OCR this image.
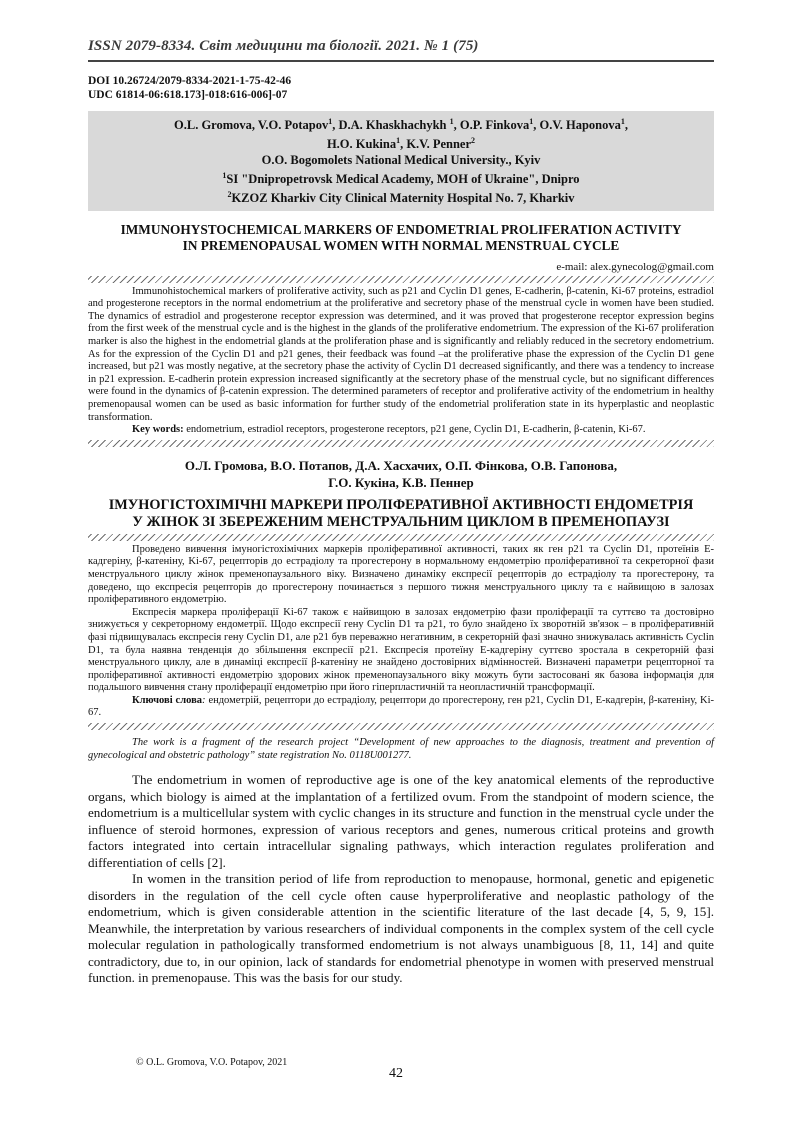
ISSN 2079-8334. Світ медицини та біології. 2021. № 1 (75)
DOI 10.26724/2079-8334-2021-1-75-42-46
UDC 61814-06:618.173]-018:616-006]-07
O.L. Gromova, V.O. Potapov$^1$, D.A. Khaskhachykh $^1$, O.P. Finkova$^1$, O.V. Haponova$^1$,
H.O. Kukina$^1$, K.V. Penner$^2$
O.O. Bogomolets National Medical University., Kyiv
$^1$SI "Dnipropetrovsk Medical Academy, MOH of Ukraine", Dnipro
$^2$KZOZ Kharkiv City Clinical Maternity Hospital No. 7, Kharkiv
IMMUNOHYSTOCHEMICAL MARKERS OF ENDOMETRIAL PROLIFERATION ACTIVITY
IN PREMENOPAUSAL WOMEN WITH NORMAL MENSTRUAL CYCLE
e-mail: alex.gynecolog@gmail.com

Immunohistochemical markers of proliferative activity, such as p21 and Cyclin D1 genes, E-cadherin, β-catenin, Ki-67 proteins, estradiol and progesterone receptors in the normal endometrium at the proliferative and secretory phase of the menstrual cycle in women have been studied. The dynamics of estradiol and progesterone receptor expression was determined, and it was proved that progesterone receptor expression begins from the first week of the menstrual cycle and is the highest in the glands of the proliferative endometrium. The expression of the Ki-67 proliferation marker is also the highest in the endometrial glands at the proliferation phase and is significantly and reliably reduced in the secretory endometrium. As for the expression of the Cyclin D1 and p21 genes, their feedback was found –at the proliferative phase the expression of the Cyclin D1 gene increased, but p21 was mostly negative, at the secretory phase the activity of Cyclin D1 decreased significantly, and there was a tendency to increase in p21 expression. E-cadherin protein expression increased significantly at the secretory phase of the menstrual cycle, but no significant differences were found in the dynamics of β-catenin expression. The determined parameters of receptor and proliferative activity of the endometrium in healthy premenopausal women can be used as basic information for further study of the endometrial proliferation state in its hyperplastic and neoplastic transformation.

Key words: endometrium, estradiol receptors, progesterone receptors, p21 gene, Cyclin D1, E-cadherin, β-catenin, Ki-67.

О.Л. Громова, В.О. Потапов, Д.А. Хасхачих, О.П. Фінкова, О.В. Гапонова,
Г.О. Кукіна, К.В. Пеннер
ІМУНОГІСТОХІМІЧНІ МАРКЕРИ ПРОЛІФЕРАТИВНОЇ АКТИВНОСТІ ЕНДОМЕТРІЯ
У ЖІНОК ЗІ ЗБЕРЕЖЕНИМ МЕНСТРУАЛЬНИМ ЦИКЛОМ В ПРЕМЕНОПАУЗІ

Проведено вивчення імуногістохімічних маркерів проліферативної активності, таких як ген p21 та Cyclin D1, протеїнів Е-кадгеріну, β-катеніну, Ki-67, рецепторів до естрадіолу та прогестерону в нормальному ендометрію проліферативної та секреторної фази менструального циклу жінок пременопаузального віку. Визначено динаміку експресії рецепторів до естрадіолу та прогестерону, та доведено, що експресія рецепторів до прогестерону починається з першого тижня менструального циклу та є найвищою в залозах проліферативного ендометрію.

Експресія маркера проліферації Ki-67 також є найвищою в залозах ендометрію фази проліферації та суттєво та достовірно знижується у секреторному ендометрії. Щодо експресії гену Cyclin D1 та p21, то було знайдено їх зворотній зв'язок – в проліферативній фазі підвищувалась експресія гену Cyclin D1, але p21 був переважно негативним, в секреторній фазі значно знижувалась активність Cyclin D1, та була наявна тенденція до збільшення експресії p21. Експресія протеїну Е-кадгеріну суттєво зростала в секреторній фазі менструального циклу, але в динаміці експресії β-катеніну не знайдено достовірних відмінностей. Визначені параметри рецепторної та проліферативної активності ендометрію здорових жінок пременопаузального віку можуть бути застосовані як базова інформація для подальшого вивчення стану проліферації ендометрію при його гіперпластичній та неопластичній трансформації.

Ключові слова: ендометрій, рецептори до естрадіолу, рецептори до прогестерону, ген p21, Cyclin D1, Е-кадгерін, β-катеніну, Ki-67.

The work is a fragment of the research project “Development of new approaches to the diagnosis, treatment and prevention of gynecological and obstetric pathology” state registration No. 0118U001277.

The endometrium in women of reproductive age is one of the key anatomical elements of the reproductive organs, which biology is aimed at the implantation of a fertilized ovum. From the standpoint of modern science, the endometrium is a multicellular system with cyclic changes in its structure and function in the menstrual cycle under the influence of steroid hormones, expression of various receptors and genes, numerous critical proteins and growth factors integrated into certain intracellular signaling pathways, which interaction regulates proliferation and differentiation of cells [2].

In women in the transition period of life from reproduction to menopause, hormonal, genetic and epigenetic disorders in the regulation of the cell cycle often cause hyperproliferative and neoplastic pathology of the endometrium, which is given considerable attention in the scientific literature of the last decade [4, 5, 9, 15]. Meanwhile, the interpretation by various researchers of individual components in the complex system of the cell cycle molecular regulation in pathologically transformed endometrium is not always unambiguous [8, 11, 14] and quite contradictory, due to, in our opinion, lack of standards for endometrial phenotype in women with preserved menstrual function. in premenopause. This was the basis for our study.

© O.L. Gromova, V.O. Potapov, 2021
42
